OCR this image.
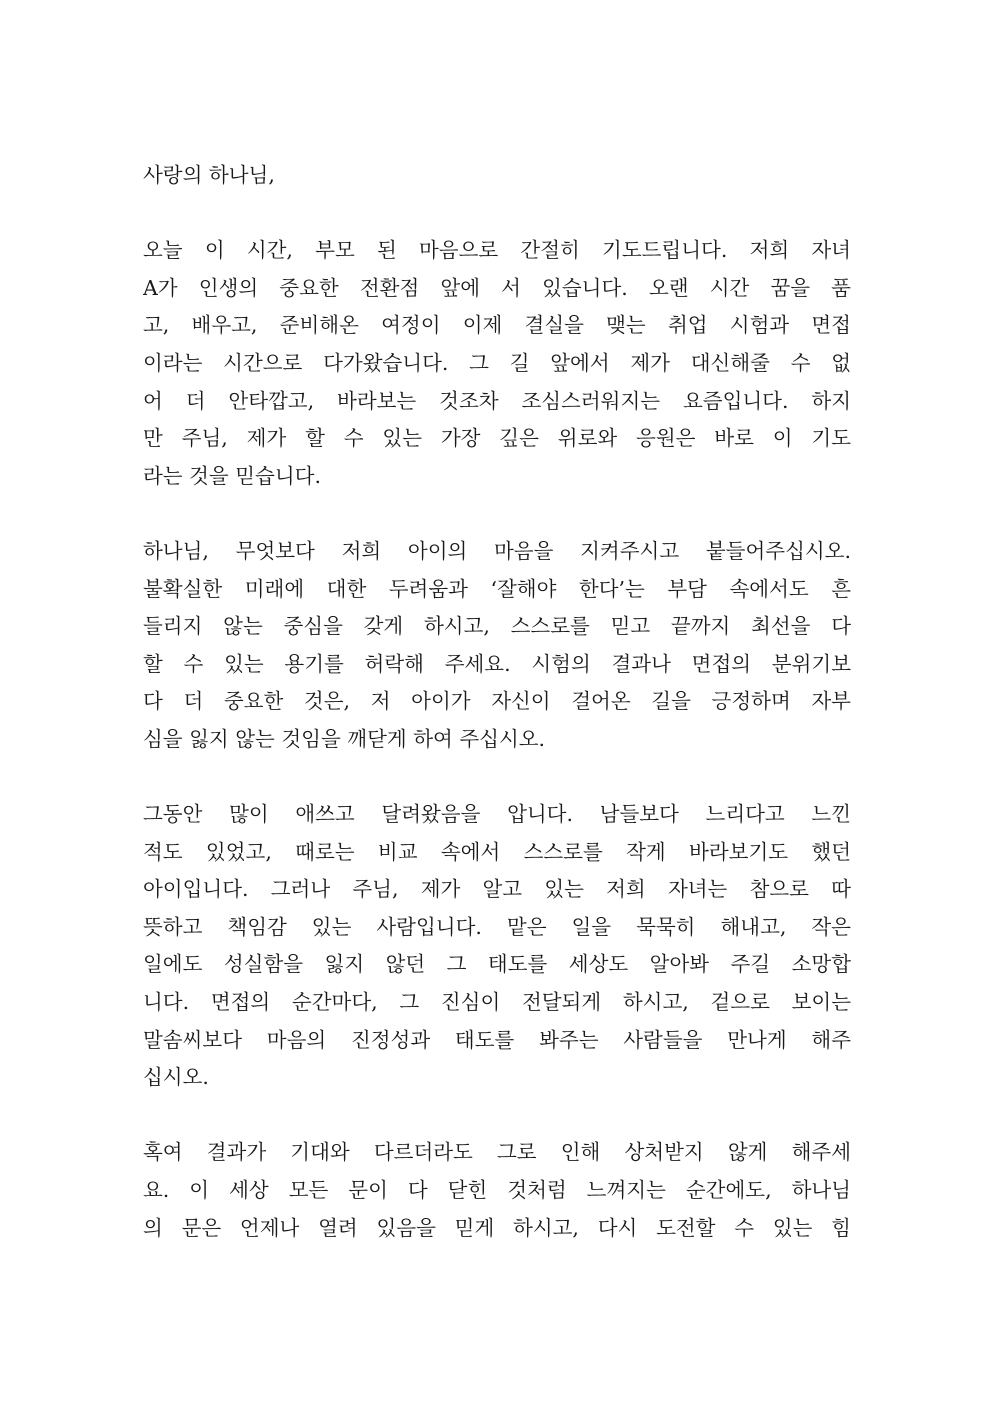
사랑의 하나님,
오늘 이 시간, 부모 된 마음으로 간절히 기도드립니다. 저희 자녀
A가 인생의 중요한 전환점 앞에 서 있습니다. 오랜 시간 꿈을 품
고, 배우고, 준비해온 여정이 이제 결실을 맺는 취업 시험과 면접
이라는 시간으로 다가왔습니다. 그 길 앞에서 제가 대신해줄 수 없
어 더 안타깝고, 바라보는 것조차 조심스러워지는 요즘입니다. 하지
만 주님, 제가 할 수 있는 가장 깊은 위로와 응원은 바로 이 기도
라는 것을 믿습니다.
하나님, 무엇보다 저희 아이의 마음을 지켜주시고 붙들어주십시오.
불확실한 미래에 대한 두려움과 ‘잘해야 한다’는 부담 속에서도 흔
들리지 않는 중심을 갖게 하시고, 스스로를 믿고 끝까지 최선을 다
할 수 있는 용기를 허락해 주세요. 시험의 결과나 면접의 분위기보
다 더 중요한 것은, 저 아이가 자신이 걸어온 길을 긍정하며 자부
심을 잃지 않는 것임을 깨닫게 하여 주십시오.
그동안 많이 애쓰고 달려왔음을 압니다. 남들보다 느리다고 느낀
적도 있었고, 때로는 비교 속에서 스스로를 작게 바라보기도 했던
아이입니다. 그러나 주님, 제가 알고 있는 저희 자녀는 참으로 따
뜻하고 책임감 있는 사람입니다. 맡은 일을 묵묵히 해내고, 작은
일에도 성실함을 잃지 않던 그 태도를 세상도 알아봐 주길 소망합
니다. 면접의 순간마다, 그 진심이 전달되게 하시고, 겉으로 보이는
말솜씨보다 마음의 진정성과 태도를 봐주는 사람들을 만나게 해주
십시오.
혹여 결과가 기대와 다르더라도 그로 인해 상처받지 않게 해주세
요. 이 세상 모든 문이 다 닫힌 것처럼 느껴지는 순간에도, 하나님
의 문은 언제나 열려 있음을 믿게 하시고, 다시 도전할 수 있는 힘
